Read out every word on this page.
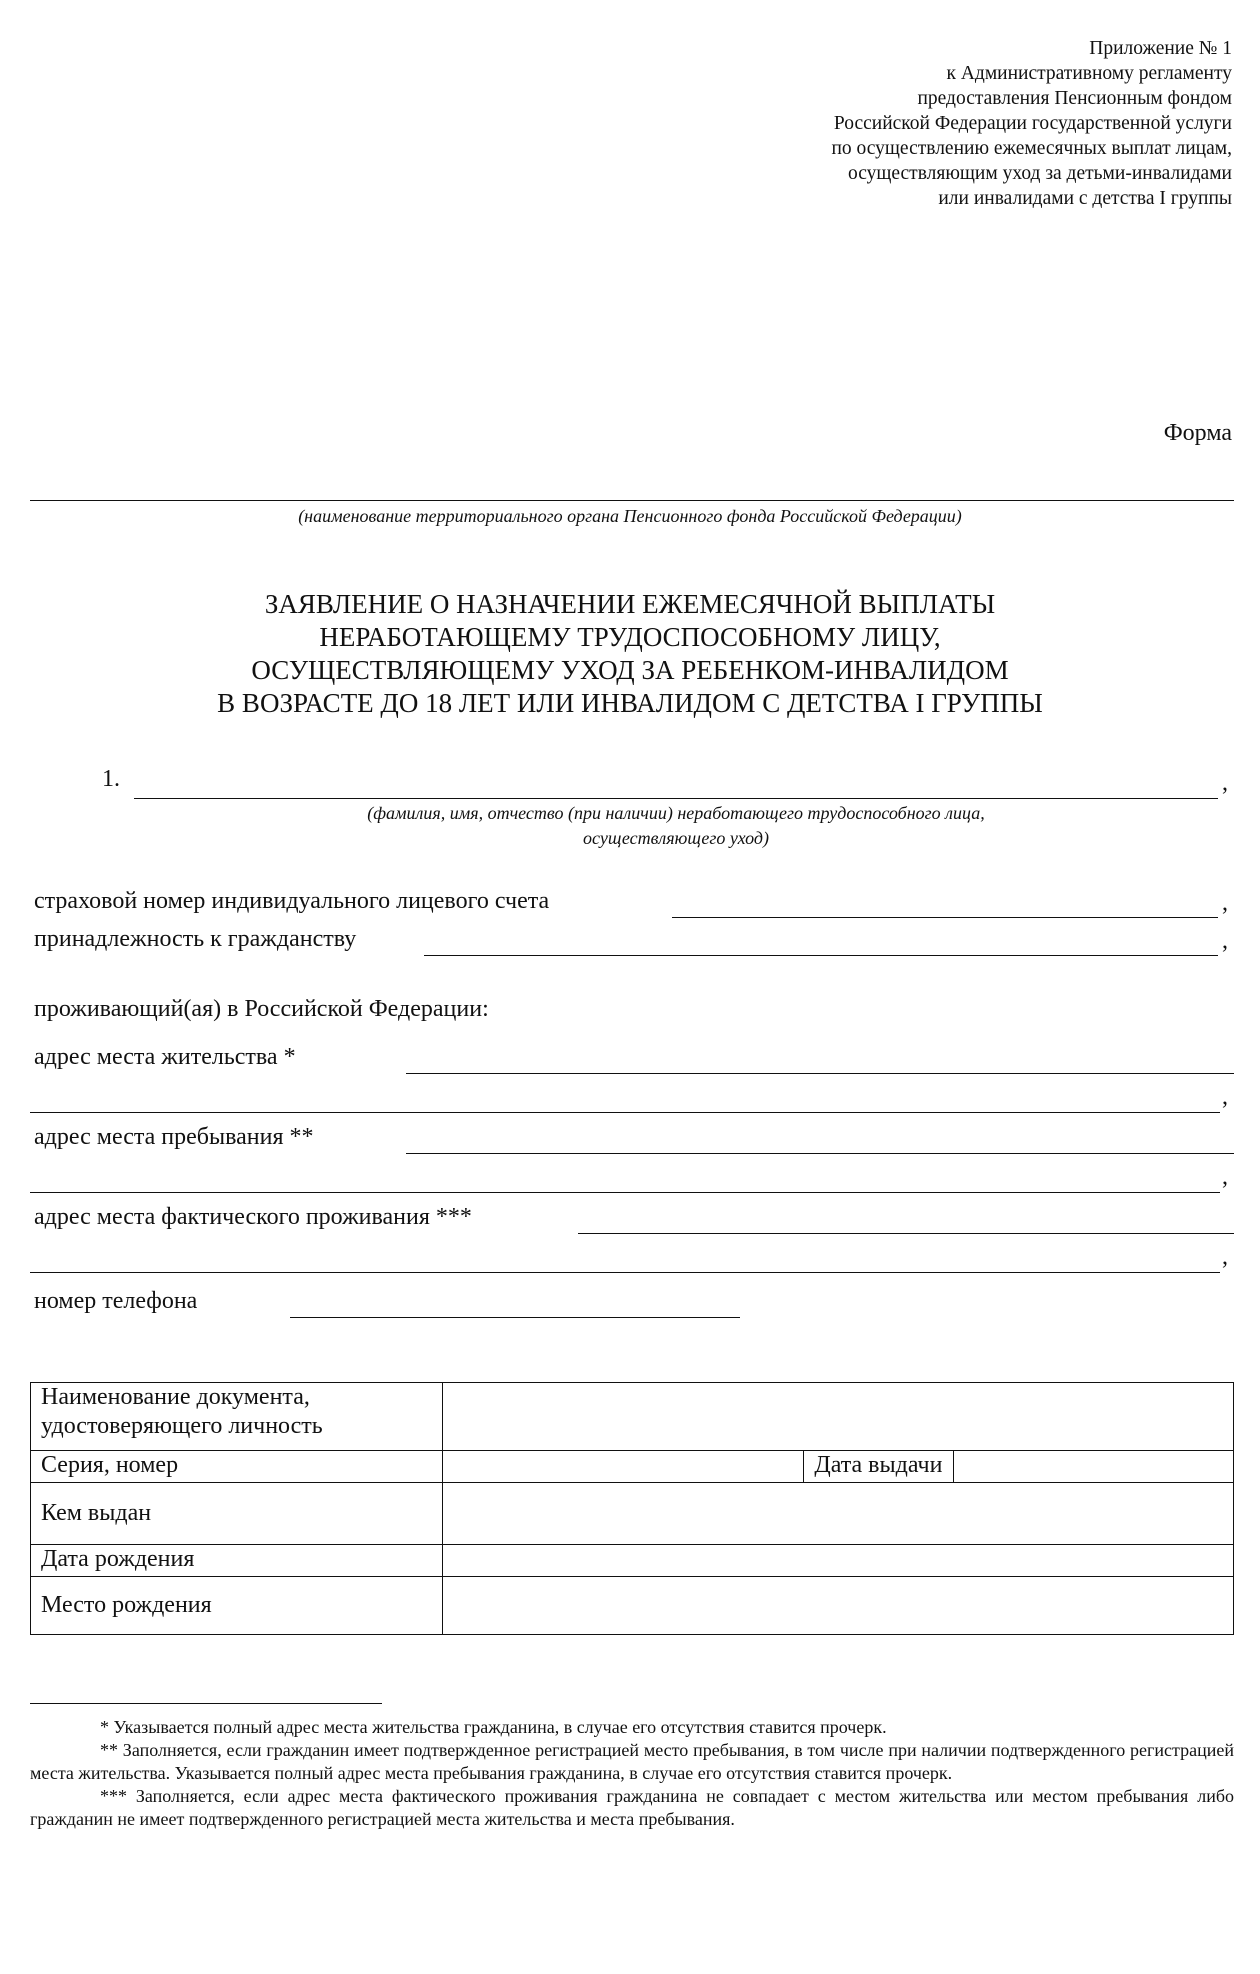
Приложение № 1
к Административному регламенту
предоставления Пенсионным фондом
Российской Федерации государственной услуги
по осуществлению ежемесячных выплат лицам,
осуществляющим уход за детьми-инвалидами
или инвалидами с детства I группы
Форма
(наименование территориального органа Пенсионного фонда Российской Федерации)
ЗАЯВЛЕНИЕ О НАЗНАЧЕНИИ ЕЖЕМЕСЯЧНОЙ ВЫПЛАТЫ
НЕРАБОТАЮЩЕМУ ТРУДОСПОСОБНОМУ ЛИЦУ,
ОСУЩЕСТВЛЯЮЩЕМУ УХОД ЗА РЕБЕНКОМ-ИНВАЛИДОМ
В ВОЗРАСТЕ ДО 18 ЛЕТ ИЛИ ИНВАЛИДОМ С ДЕТСТВА I ГРУППЫ
1.	,
(фамилия, имя, отчество (при наличии) неработающего трудоспособного лица,
осуществляющего уход)
страховой номер индивидуального лицевого счета	,
принадлежность к гражданству	,
проживающий(ая) в Российской Федерации:
адрес места жительства *
,
адрес места пребывания **
,
адрес места фактического проживания ***
,
номер телефона
Наименование документа, удостоверяющего личность			
Серия, номер		Дата выдачи	
Кем выдан			
Дата рождения			
Место рождения			

* Указывается полный адрес места жительства гражданина, в случае его отсутствия ставится прочерк.

** Заполняется, если гражданин имеет подтвержденное регистрацией место пребывания, в том числе при наличии подтвержденного регистрацией места жительства. Указывается полный адрес места пребывания гражданина, в случае его отсутствия ставится прочерк.

*** Заполняется, если адрес места фактического проживания гражданина не совпадает с местом жительства или местом пребывания либо гражданин не имеет подтвержденного регистрацией места жительства и места пребывания.
